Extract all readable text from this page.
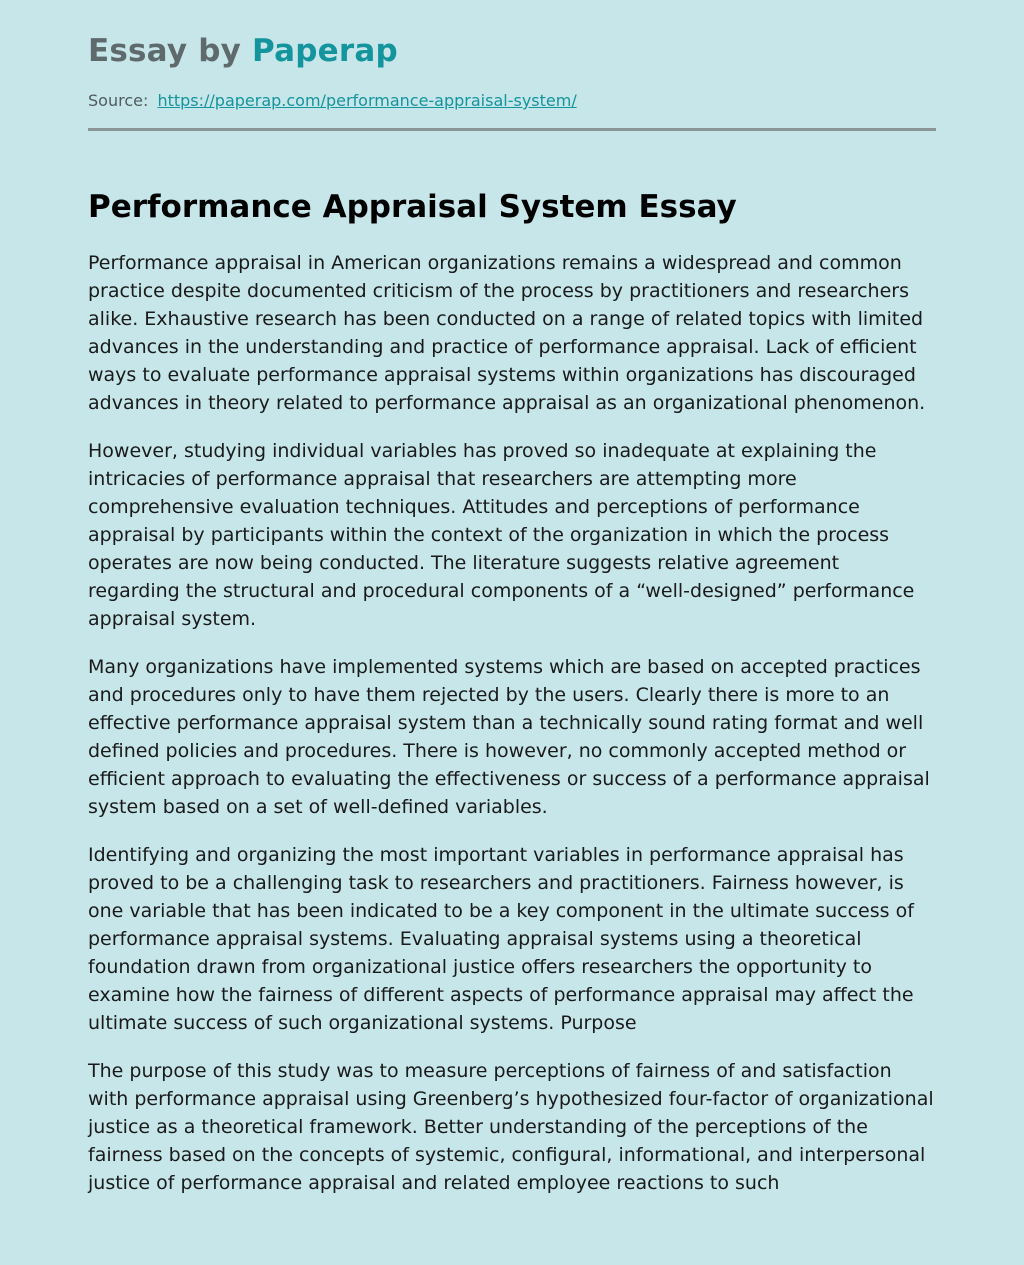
Essay by Paperap
Source: https://paperap.com/performance-appraisal-system/
Performance Appraisal System Essay

Performance appraisal in American organizations remains a widespread and common practice despite documented criticism of the process by practitioners and researchers alike. Exhaustive research has been conducted on a range of related topics with limited advances in the understanding and practice of performance appraisal. Lack of efficient ways to evaluate performance appraisal systems within organizations has discouraged advances in theory related to performance appraisal as an organizational phenomenon.

However, studying individual variables has proved so inadequate at explaining the intricacies of performance appraisal that researchers are attempting more comprehensive evaluation techniques. Attitudes and perceptions of performance appraisal by participants within the context of the organization in which the process operates are now being conducted. The literature suggests relative agreement regarding the structural and procedural components of a “well-designed” performance appraisal system.

Many organizations have implemented systems which are based on accepted practices and procedures only to have them rejected by the users. Clearly there is more to an effective performance appraisal system than a technically sound rating format and well defined policies and procedures. There is however, no commonly accepted method or efficient approach to evaluating the effectiveness or success of a performance appraisal system based on a set of well-defined variables.

Identifying and organizing the most important variables in performance appraisal has proved to be a challenging task to researchers and practitioners. Fairness however, is one variable that has been indicated to be a key component in the ultimate success of performance appraisal systems. Evaluating appraisal systems using a theoretical foundation drawn from organizational justice offers researchers the opportunity to examine how the fairness of different aspects of performance appraisal may affect the ultimate success of such organizational systems. Purpose

The purpose of this study was to measure perceptions of fairness of and satisfaction with performance appraisal using Greenberg’s hypothesized four-factor of organizational justice as a theoretical framework. Better understanding of the perceptions of the fairness based on the concepts of systemic, configural, informational, and interpersonal justice of performance appraisal and related employee reactions to such
